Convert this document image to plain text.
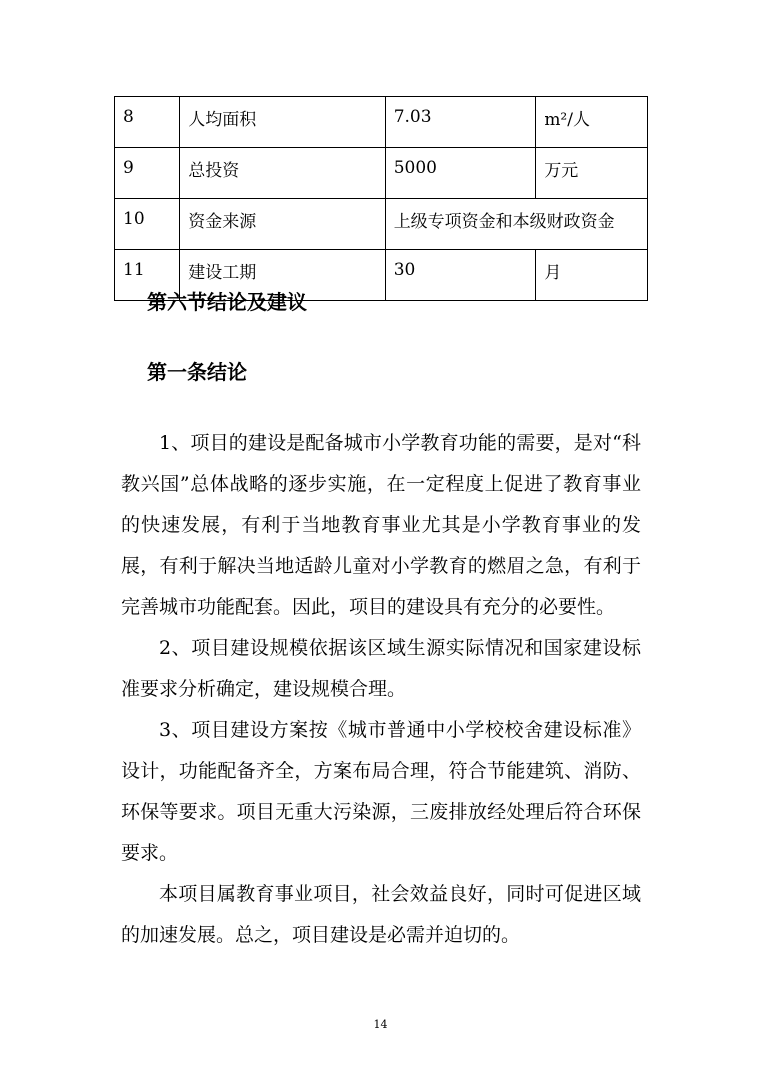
8	人均面积	7.03	m²/人
9	总投资	5000	万元
10	资金来源	上级专项资金和本级财政资金	
11	建设工期	30	月
第六节结论及建议
第一条结论

1、项目的建设是配备城市小学教育功能的需要，是对“科教兴国”总体战略的逐步实施，在一定程度上促进了教育事业的快速发展，有利于当地教育事业尤其是小学教育事业的发展，有利于解决当地适龄儿童对小学教育的燃眉之急，有利于完善城市功能配套。因此，项目的建设具有充分的必要性。

2、项目建设规模依据该区域生源实际情况和国家建设标准要求分析确定，建设规模合理。

3、项目建设方案按《城市普通中小学校校舍建设标准》设计，功能配备齐全，方案布局合理，符合节能建筑、消防、环保等要求。项目无重大污染源，三废排放经处理后符合环保要求。

本项目属教育事业项目，社会效益良好，同时可促进区域的加速发展。总之，项目建设是必需并迫切的。

14
